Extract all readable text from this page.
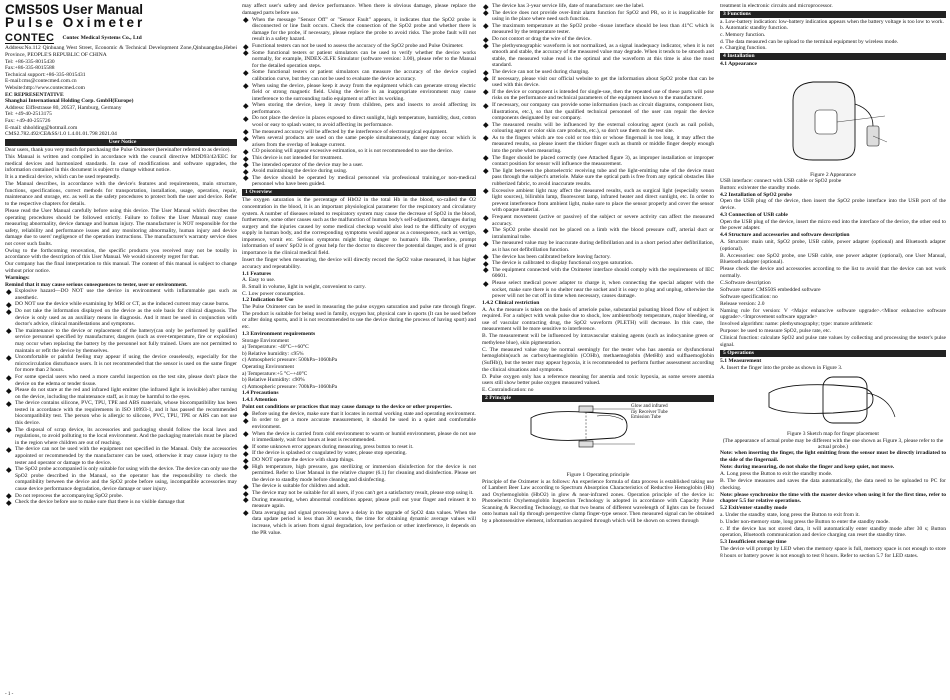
CMS50S User Manual
Pulse Oximeter
CONTEC Contec Medical Systems Co., Ltd
Address:No.112 Qinhuang West Street, Economic & Technical Development Zone,Qinhuangdao,Hebei Province, PEOPLE'S REPUBLIC OF CHINA
Tel: +86-335-8015430
Fax:+86-335-8015588
Technical support:+86-335-8015431
E-mail:cms@contecmed.com.cn
Website:http://www.contecmed.com
EC REPRESENTATIVE
Shanghai International Holding Corp. GmbH(Europe)
Address: Eiffestrasse 80, 20537, Hamburg, Germany
Tel: +49-40-2513175
Fax: +49-40-255726
E-mail: shholding@hotmail.com
CMS2.782.492/CE&SS/1.0 1.4.01.01.798 2021.04
User Notice
Dear users, thank you very much for purchasing the Pulse Oximeter (hereinafter referred to as device).
This Manual is written and compiled in accordance with the council directive MDD93/42/EEC for medical devices and harmonized standards. In case of modifications and software upgrades, the information contained in this document is subject to change without notice.
It is a medical device, which can be used repeatedly.
The Manual describes, in accordance with the device's features and requirements, main structure, functions, specifications, correct methods for transportation, installation, usage, operation, repair, maintenance and storage, etc. as well as the safety procedures to protect both the user and device. Refer to the respective chapters for details.
Please read the User Manual carefully before using this device. The User Manual which describes the operating procedures should be followed strictly. Failure to follow the User Manual may cause measuring abnormality, device damage and human injury. The manufacturer is NOT responsible for the safety, reliability and performance issues and any monitoring abnormality, human injury and device damage due to users' negligence of the operation instructions. The manufacturer's warranty service does not cover such faults.
Owing to the forthcoming renovation, the specific products you received may not be totally in accordance with the description of this User Manual. We would sincerely regret for that.
Our company has the final interpretation to this manual. The content of this manual is subject to change without prior notice.
Warnings:
Remind that it may cause serious consequences to tester, user or environment.
Explosive hazard—DO NOT use the device in environment with inflammable gas such as anesthetic.
DO NOT use the device while examining by MRI or CT, as the induced current may cause burns.
Do not take the information displayed on the device as the sole basis for clinical diagnosis. The device is only used as an auxiliary means in diagnosis. And it must be used in conjunction with doctor's advice, clinical manifestations and symptoms.
The maintenance to the device or replacement of the battery(can only be performed by qualified service personnel specified by manufacturer, dangers (such as over-temperature, fire or explosion) may occur when replacing the battery by the personnel not fully trained. Users are not permitted to maintain or refit the device by themselves.
Uncomfortable or painful feeling may appear if using the device ceaselessly, especially for the microcirculation disturbance users. It is not recommended that the sensor is used on the same finger for more than 2 hours.
For some special users who need a more careful inspection on the test site, please don't place the device on the edema or tender tissue.
Please do not stare at the red and infrared light emitter (the infrared light is invisible) after turning on the device, including the maintenance staff, as it may be harmful to the eyes.
The device contains silicone, PVC, TPU, TPE and ABS materials, whose biocompatibility has been tested in accordance with the requirements in ISO 10993-1, and it has passed the recommended biocompatibility test. The person who is allergic to silicone, PVC, TPU, TPE or ABS can not use this device.
The disposal of scrap device, its accessories and packaging should follow the local laws and regulations, to avoid polluting to the local environment. And the packaging materials must be placed in the region where children are out of reaching.
The device can not be used with the equipment not specified in the Manual. Only the accessories appointed or recommended by the manufacturer can be used, otherwise it may cause injury to the tester and operator or damage to the device.
The SpO2 probe accompanied is only suitable for using with the device. The device can only use the SpO2 probe described in the Manual, so the operator has the responsibility to check the compatibility between the device and the SpO2 probe before using, incompatible accessories may cause device performance degradation, device damage or user injury.
Do not reprocess the accompanying SpO2 probe.
Check the device before use to make sure that there is no visible damage that
- 1 -
may affect user's safety and device performance. When there is obvious damage, please replace the damaged parts before use.
When the message "Sensor Off" or "Sensor Fault" appears, it indicates that the SpO2 probe is disconnected or line fault occurs. Check the connection of the SpO2 probe and whether there is damage for the probe, if necessary, please replace the probe to avoid risks. The probe fault will not result in a safety hazard.
Functional testers can not be used to assess the accuracy of the SpO2 probe and Pulse Oximeter.
Some functional testers or patient simulators can be used to verify whether the device works normally, for example, INDEX-2LFE Simulator (software version: 3.00), please refer to the Manual for the detailed operation steps.
Some functional testers or patient simulators can measure the accuracy of the device copied calibration curve, but they can not be used to evaluate the device accuracy.
When using the device, please keep it away from the equipment which can generate strong electric field or strong magnetic field. Using the device in an inappropriate environment may cause interference to the surrounding radio equipment or affect its working.
When storing the device, keep it away from children, pets and insects to avoid affecting its performance.
Do not place the device in places exposed to direct sunlight, high temperature, humidity, dust, cotton wool or easy to splash water, to avoid affecting its performance.
The measured accuracy will be affected by the interference of electrosurgical equipment.
When several products are used on the same people simultaneously, danger may occur which is arisen from the overlap of leakage current.
CO poisoning will appear excessive estimation, so it is not recommended to use the device.
This device is not intended for treatment.
The intended operator of the device may be a user.
Avoid maintaining the device during using.
The device should be operated by medical personnel via professional training,or non-medical personnel who have been guided.
1 Overview
The oxygen saturation is the percentage of HbO2 in the total Hb in the blood, so-called the O2 concentration in the blood, it is an important physiological parameter for the respiratory and circulatory system. A number of diseases related to respiratory system may cause the decrease of SpO2 in the blood, furthermore, some other causes such as the malfunction of human body's self-adjustment, damages during surgery and the injuries caused by some medical checkup would also lead to the difficulty of oxygen supply in human body, and the corresponding symptoms would appear as a consequence, such as vertigo, impotence, vomit etc. Serious symptoms might bring danger to human's life. Therefore, prompt information of users' SpO2 is of great help for the doctor to discover the potential danger, and is of great importance in the clinical medical field.
Insert the finger when measuring, the device will directly record the SpO2 value measured, it has higher accuracy and repeatability.
1.1 Features
A. Easy to use.
B. Small in volume, light in weight, convenient to carry.
C. Low power consumption.
1.2 Indication for Use
The Pulse Oximeter can be used in measuring the pulse oxygen saturation and pulse rate through finger. The product is suitable for being used in family, oxygen bar, physical care in sports (It can be used before or after doing sports, and it is not recommended to use the device during the process of having sport) and etc.
1.3 Environment requirements
Storage Environment
a) Temperature: -40°C~+60°C
b) Relative humidity: ≤95%
c) Atmospheric pressure: 500hPa~1060hPa
Operating Environment
a) Temperature:+5 °C~+40°C
b) Relative Humidity: ≤90%
c) Atmospheric pressure: 700hPa~1060hPa
1.4 Precautions
1.4.1 Attention
Point out conditions or practices that may cause damage to the device or other properties.
Before using the device, make sure that it locates in normal working state and operating environment.
In order to get a more accurate measurement, it should be used in a quiet and comfortable environment.
When the device is carried from cold environment to warm or humid environment, please do not use it immediately, wait four hours at least is recommended.
If some unknown error appears during measuring, press button to reset it.
If the device is splashed or coagulated by water, please stop operating.
DO NOT operate the device with sharp things.
High temperature, high pressure, gas sterilizing or immersion disinfection for the device is not permitted. Refer to User Manual in the relative chapter (6.1) for cleaning and disinfection. Please set the device to standby mode before cleaning and disinfecting.
The device is suitable for children and adult.
The device may not be suitable for all users, if you can't get a satisfactory result, please stop using it.
During measuring, when abnormal conditions appear, please pull out your finger and reinsert it to measure again.
Data averaging and signal processing have a delay in the upgrade of SpO2 data values. When the data update period is less than 30 seconds, the time for obtaining dynamic average values will increase, which is arisen from signal degradation, low perfusion or other interference, it depends on the PR value.
The device has 3-year service life, date of manufacture: see the label.
The device does not provide over-limit alarm function for SpO2 and PR, so it is inapplicable for using in the place where need such function.
The maximum temperature at the SpO2 probe -tissue interface should be less than 41°C which is measured by the temperature tester.
Do not contort or drag the wire of the device.
The plethysmographic waveform is not normalized, as a signal inadequacy indicator, when it is not smooth and stable, the accuracy of the measured value may degrade. When it tends to be smooth and stable, the measured value read is the optimal and the waveform at this time is also the most standard.
The device can not be used during charging.
If necessary, please visit our official website to get the information about SpO2 probe that can be used with this device.
If the device or component is intended for single-use, then the repeated use of these parts will pose risks on the performance and technical parameters of the equipment known to the manufacturer.
If necessary, our company can provide some information (such as circuit diagrams, component lists, illustrations, etc.), so that the qualified technical personnel of the user can repair the device components designated by our company.
The measured results will be influenced by the external colouring agent (such as nail polish, colouring agent or color skin care products, etc.), so don't use them on the test site.
As to the fingers which are too cold or too thin or whose fingernail is too long, it may affect the measured results, so please insert the thicker finger such as thumb or middle finger deeply enough into the probe when measuring.
The finger should be placed correctly (see Attached figure 3), as improper installation or improper contact position for sensor will influence the measurement.
The light between the photoelectric receiving tube and the light-emitting tube of the device must pass through the subject's arteriole. Make sure the optical path is free from any optical obstacles like rubberized fabric, to avoid inaccurate results.
Excessive ambient light may affect the measured results, such as surgical light (especially xenon light sources), bilirubin lamp, fluorescent lamp, infrared heater and direct sunlight, etc. In order to prevent interference from ambient light, make sure to place the sensor properly and cover the sensor with opaque material.
Frequent movement (active or passive) of the subject or severe activity can affect the measured accuracy.
The SpO2 probe should not be placed on a limb with the blood pressure cuff, arterial duct or intraluminal tube.
The measured value may be inaccurate during defibrillation and in a short period after defibrillation, as it has not defibrillation function.
The device has been calibrated before leaving factory.
The device is calibrated to display functional oxygen saturation.
The equipment connected with the Oximeter interface should comply with the requirements of IEC 60601.
Please select medical power adapter to charge it, when connecting the special adapter with the socket, make sure there is no shelter near the socket and it is easy to plug and unplug, otherwise the power will not be cut off in time when necessary, causes damage.
1.4.2 Clinical restriction
A. As the measure is taken on the basis of arteriole pulse, substantial pulsating blood flow of subject is required. For a subject with weak pulse due to shock, low ambient/body temperature, major bleeding, or use of vascular contracting drug, the SpO2 waveform (PLETH) will decrease. In this case, the measurement will be more sensitive to interference.
B. The measurement will be influenced by intravascular staining agents (such as indocyanine green or methylene blue), skin pigmentation.
C. The measured value may be normal seemingly for the tester who has anemia or dysfunctional hemoglobin(such as carboxyhaemoglobin (COHb), methaemoglobin (MetHb) and sulfhaemoglobin (SufHb)), but the tester may appear hypoxia, it is recommended to perform further assessment according the clinical situations and symptoms.
D. Pulse oxygen only has a reference meaning for anemia and toxic hypoxia, as some severe anemia users still show better pulse oxygen measured valued.
E. Contraindication: no
2 Principle
Glow and infrared ray Receiver Tube Emission Tube
Figure 1 Operating principle
Principle of the Oximeter is as follows: An experience formula of data process is established taking use of Lambert Beer Law according to Spectrum Absorption Characteristics of Reductive Hemoglobin (Hb) and Oxyhemoglobin (HbO2) in glow & near-infrared zones. Operation principle of the device is: Photoelectric Oxyhemoglobin Inspection Technology is adopted in accordance with Capacity Pulse Scanning & Recording Technology, so that two beams of different wavelength of lights can be focused onto human nail tip through perspective clamp finger-type sensor. Then measured signal can be obtained by a photosensitive element, information acquired through which will be shown on screen through
treatment in electronic circuits and microprocessor.
3 Functions
a. Low-battery indication: low-battery indication appears when the battery voltage is too low to work.
b. Automatic standby function.
c. Memory function.
d. The data measured can be upload to the terminal equipment by wireless mode.
e. Charging function.
4 Installation
4.1 Appearance
Figure 2 Appearance
USB interface: connect with USB cable or SpO2 probe
Button: exit/enter the standby mode.
4.2 Installation of SpO2 probe
Open the USB plug of the device, then insert the SpO2 probe interface into the USB port of the device.
4.3 Connection of USB cable
Open the USB plug of the device, insert the micro end into the interface of the device, the other end to the power adapter.
4.4 Structure and accessories and software description
A. Structure: main unit, SpO2 probe, USB cable, power adapter (optional) and Bluetooth adapter (optional).
B. Accessories: one SpO2 probe, one USB cable, one power adapter (optional), one User Manual, Bluetooth adapter (optional).
Please check the device and accessories according to the list to avoid that the device can not work normally.
C.Software description
Software name: CMS50S embedded software
Software specification: no
Release version: 2.0
Naming rule for version: V <Major enhancive software upgrade>.<Minor enhancive software upgrade>.<Improvement software upgrade>
Involved algorithm: name: plethysmography; type: mature arithmetic
Purpose: be used to measure SpO2, pulse rate, etc.
Clinical function: calculate SpO2 and pulse rate values by collecting and processing the tester's pulse signal.
5 Operations
5.1 Measurement
A. Insert the finger into the probe as shown in Figure 3.
Figure 3 Sketch map for finger placement
(The appearance of actual probe may be different with the one shown as Figure 3, please refer to the actual probe.)
Note: when inserting the finger, the light emitting from the sensor must be directly irradiated to the side of the fingernail.
Note: during measuring, do not shake the finger and keep quiet, not move.
A. Long press the Button to exit the standby mode.
B. The device measures and saves the data automatically, the data need to be uploaded to PC for checking.
Note: please synchronize the time with the master device when using it for the first time, refer to chapter 5.5 for relative operations.
5.2 Exit/enter standby mode
a. Under the standby state, long press the Button to exit from it.
b. Under non-memory state, long press the Button to enter the standby mode.
c. If the device has not stored data, it will automatically enter standby mode after 30 s; Button operation, Bluetooth communication and device charging can reset the standby time.
5.3 Insufficient storage time
The device will prompt by LED when the memory space is full, memory space is not enough to store 8 hours or battery power is not enough to test 8 hours. Refer to section 5.7 for LED states.
